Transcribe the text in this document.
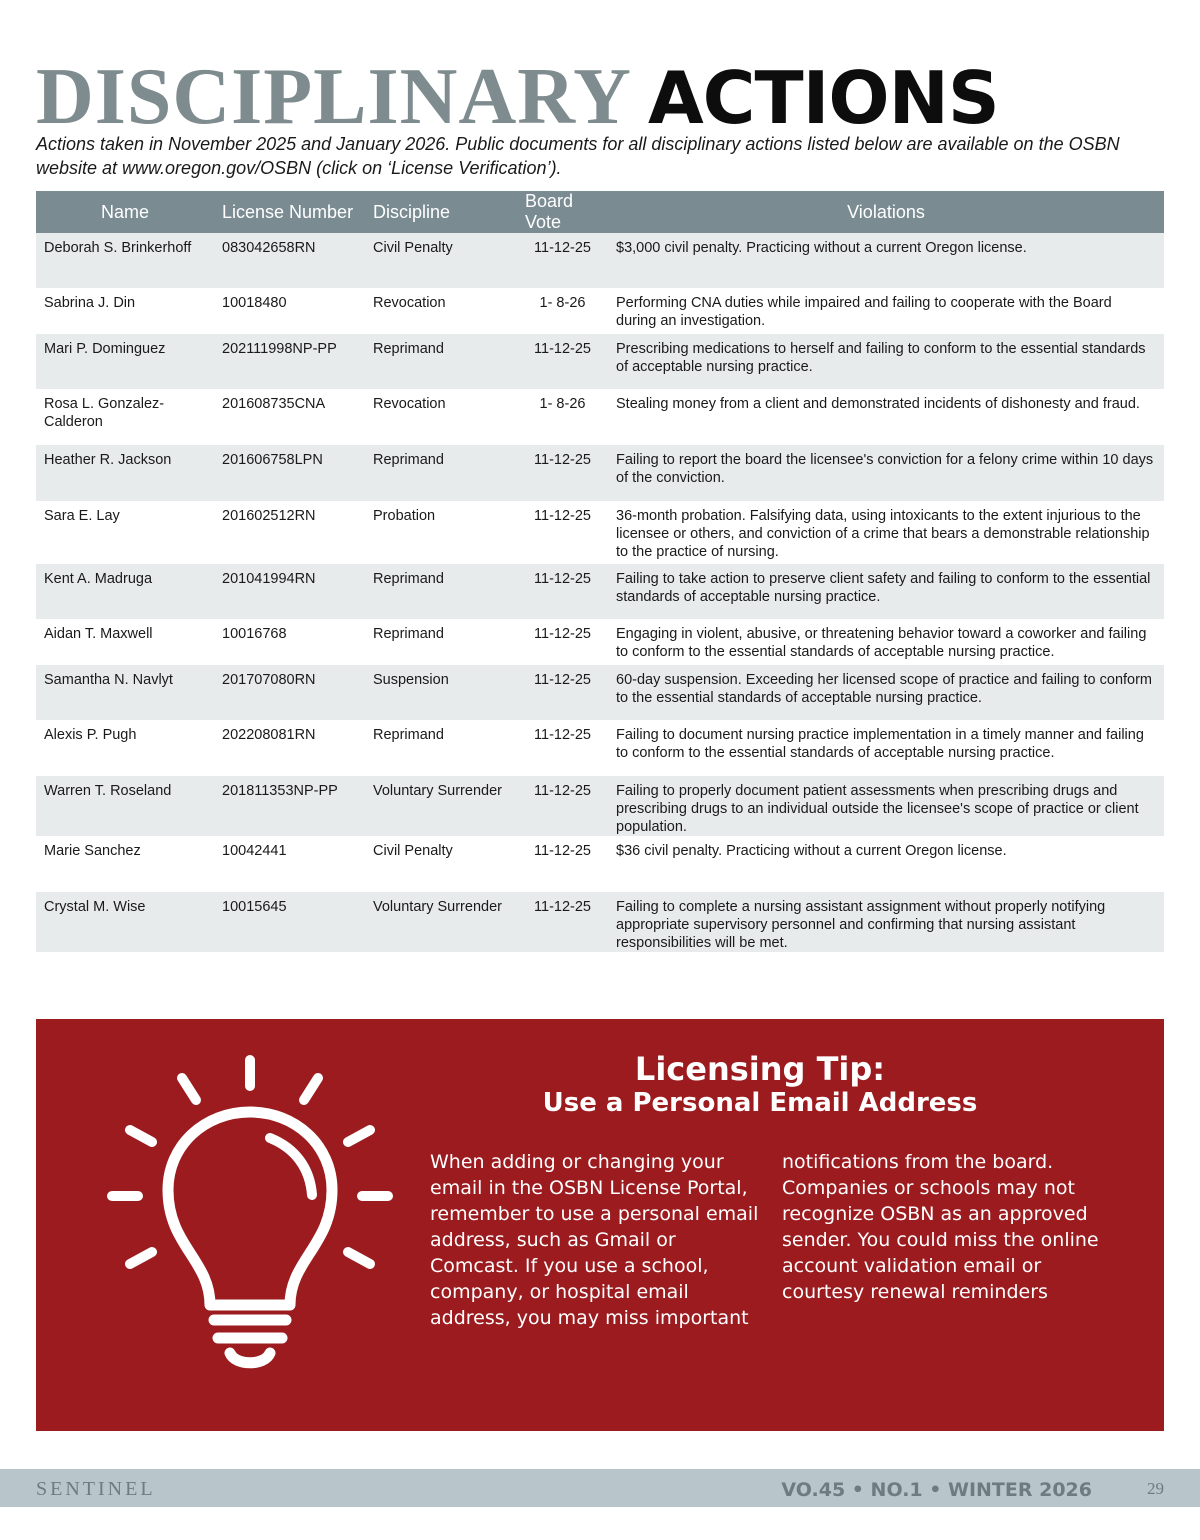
DISCIPLINARY ACTIONS

Actions taken in November 2025 and January 2026. Public documents for all disciplinary actions listed below are available on the OSBN website at www.oregon.gov/OSBN (click on ‘License Verification’).

Name	License Number	Discipline	Board Vote	Violations
Deborah S. Brinkerhoff	083042658RN	Civil Penalty	11-12-25	$3,000 civil penalty. Practicing without a current Oregon license.
Sabrina J. Din	10018480	Revocation	1- 8-26	Performing CNA duties while impaired and failing to cooperate with the Board during an investigation.
Mari P. Dominguez	202111998NP-PP	Reprimand	11-12-25	Prescribing medications to herself and failing to conform to the essential standards of acceptable nursing practice.
Rosa L. Gonzalez-Calderon	201608735CNA	Revocation	1- 8-26	Stealing money from a client and demonstrated incidents of dishonesty and fraud.
Heather R. Jackson	201606758LPN	Reprimand	11-12-25	Failing to report the board the licensee's conviction for a felony crime within 10 days of the conviction.
Sara E. Lay	201602512RN	Probation	11-12-25	36-month probation. Falsifying data, using intoxicants to the extent injurious to the licensee or others, and conviction of a crime that bears a demonstrable relationship to the practice of nursing.
Kent A. Madruga	201041994RN	Reprimand	11-12-25	Failing to take action to preserve client safety and failing to conform to the essential standards of acceptable nursing practice.
Aidan T. Maxwell	10016768	Reprimand	11-12-25	Engaging in violent, abusive, or threatening behavior toward a coworker and failing to conform to the essential standards of acceptable nursing practice.
Samantha N. Navlyt	201707080RN	Suspension	11-12-25	60-day suspension. Exceeding her licensed scope of practice and failing to conform to the essential standards of acceptable nursing practice.
Alexis P. Pugh	202208081RN	Reprimand	11-12-25	Failing to document nursing practice implementation in a timely manner and failing to conform to the essential standards of acceptable nursing practice.
Warren T. Roseland	201811353NP-PP	Voluntary Surrender	11-12-25	Failing to properly document patient assessments when prescribing drugs and prescribing drugs to an individual outside the licensee's scope of practice or client population.
Marie Sanchez	10042441	Civil Penalty	11-12-25	$36 civil penalty. Practicing without a current Oregon license.
Crystal M. Wise	10015645	Voluntary Surrender	11-12-25	Failing to complete a nursing assistant assignment without properly notifying appropriate supervisory personnel and confirming that nursing assistant responsibilities will be met.
Licensing Tip:
Use a Personal Email Address

When adding or changing your email in the OSBN License Portal, remember to use a personal email address, such as Gmail or Comcast. If you use a school, company, or hospital email address, you may miss important

notifications from the board. Companies or schools may not recognize OSBN as an approved sender. You could miss the online account validation email or courtesy renewal reminders

SENTINEL	VO.45 • NO.1 • WINTER 2026	29
